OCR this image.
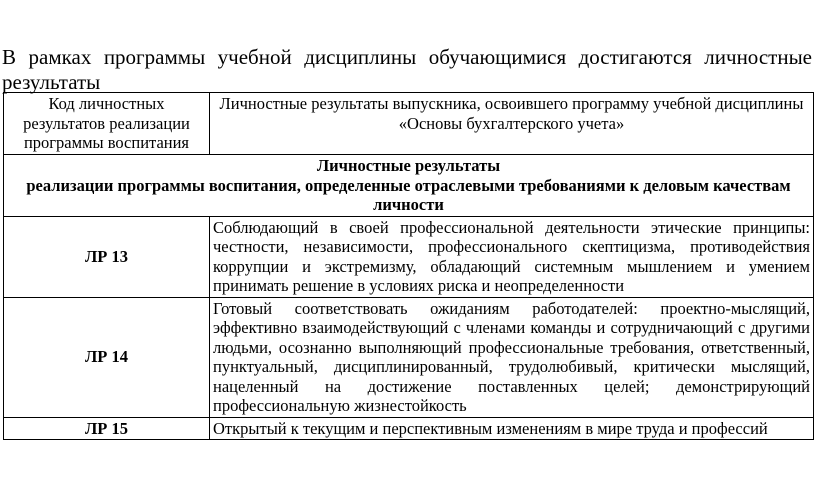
В рамках программы учебной дисциплины обучающимися достигаются личностные результаты

Код личностных результатов реализации программы воспитания	Личностные результаты выпускника, освоившего программу учебной дисциплины «Основы бухгалтерского учета»

Личностные результаты
реализации программы воспитания, определенные отраслевыми требованиями к деловым качествам личности	

ЛР 13	Соблюдающий в своей профессиональной деятельности этические принципы: честности, независимости, профессионального скептицизма, противодействия коррупции и экстремизму, обладающий системным мышлением и умением принимать решение в условиях риска и неопределенности
ЛР 14	Готовый соответствовать ожиданиям работодателей: проектно-мыслящий, эффективно взаимодействующий с членами команды и сотрудничающий с другими людьми, осознанно выполняющий профессиональные требования, ответственный, пунктуальный, дисциплинированный, трудолюбивый, критически мыслящий, нацеленный на достижение поставленных целей; демонстрирующий профессиональную жизнестойкость
ЛР 15	Открытый к текущим и перспективным изменениям в мире труда и профессий
